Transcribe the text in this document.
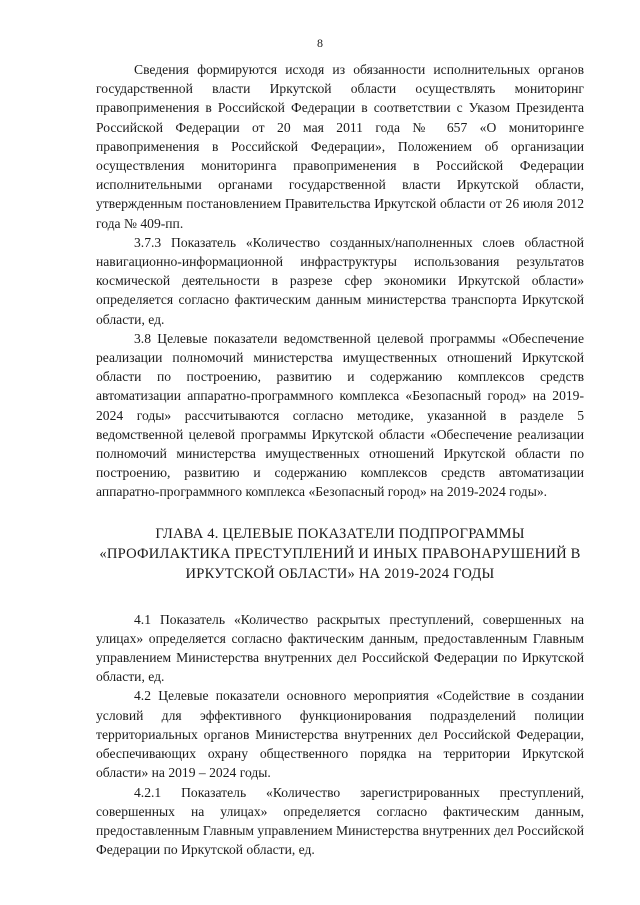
8

Сведения формируются исходя из обязанности исполнительных органов государственной власти Иркутской области осуществлять мониторинг правоприменения в Российской Федерации в соответствии с Указом Президента Российской Федерации от 20 мая 2011 года № 657 «О мониторинге правоприменения в Российской Федерации», Положением об организации осуществления мониторинга правоприменения в Российской Федерации исполнительными органами государственной власти Иркутской области, утвержденным постановлением Правительства Иркутской области от 26 июля 2012 года № 409-пп.

3.7.3 Показатель «Количество созданных/наполненных слоев областной навигационно-информационной инфраструктуры использования результатов космической деятельности в разрезе сфер экономики Иркутской области» определяется согласно фактическим данным министерства транспорта Иркутской области, ед.

3.8 Целевые показатели ведомственной целевой программы «Обеспечение реализации полномочий министерства имущественных отношений Иркутской области по построению, развитию и содержанию комплексов средств автоматизации аппаратно-программного комплекса «Безопасный город» на 2019-2024 годы» рассчитываются согласно методике, указанной в разделе 5 ведомственной целевой программы Иркутской области «Обеспечение реализации полномочий министерства имущественных отношений Иркутской области по построению, развитию и содержанию комплексов средств автоматизации аппаратно-программного комплекса «Безопасный город» на 2019-2024 годы».

ГЛАВА 4. ЦЕЛЕВЫЕ ПОКАЗАТЕЛИ ПОДПРОГРАММЫ
«ПРОФИЛАКТИКА ПРЕСТУПЛЕНИЙ И ИНЫХ ПРАВОНАРУШЕНИЙ В
ИРКУТСКОЙ ОБЛАСТИ» НА 2019-2024 ГОДЫ

4.1 Показатель «Количество раскрытых преступлений, совершенных на улицах» определяется согласно фактическим данным, предоставленным Главным управлением Министерства внутренних дел Российской Федерации по Иркутской области, ед.

4.2 Целевые показатели основного мероприятия «Содействие в создании условий для эффективного функционирования подразделений полиции территориальных органов Министерства внутренних дел Российской Федерации, обеспечивающих охрану общественного порядка на территории Иркутской области» на 2019 – 2024 годы.

4.2.1 Показатель «Количество зарегистрированных преступлений, совершенных на улицах» определяется согласно фактическим данным, предоставленным Главным управлением Министерства внутренних дел Российской Федерации по Иркутской области, ед.
